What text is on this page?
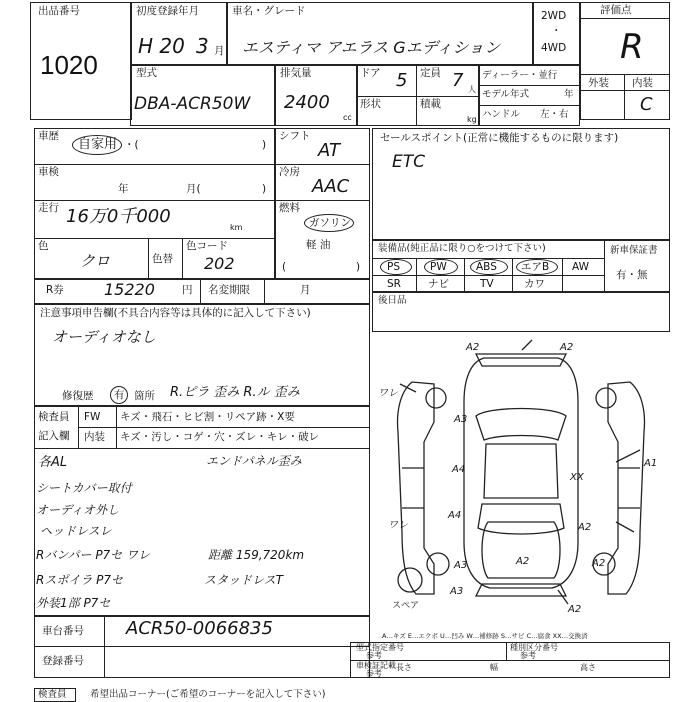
出品番号
1020
初度登録年月
H 20 3 月
車名・グレード
エスティマ アエラス Gエディション
2WD
・
4WD
評価点
R
外装 内装
C
型式
DBA-ACR50W
排気量
2400
cc
ドア 5 定員 7 人
形状	積載
kg
ディーラー・並行
モデル年式	年
ハンドル 左・右
車歴
自家用 ・(	)
車検
年	月(	)
走行 16万0千000
km
色
クロ	色替
色コード
202
シフト
AT
冷房
AAC
燃料
ガソリン
軽 油
(	)
R券	15220	円 名変期限	月
セールスポイント(正常に機能するものに限ります)
ETC
装備品(純正品に限り○をつけて下さい)
PS	PW	ABS エアB AW
SR	ナビ	TV	カワ
新車保証書
有・無
後日品
注意事項申告欄(不具合内容等は具体的に記入して下さい)
オーディオなし
修復歴 有 箇所 R.ピラ 歪み R.ル 歪み
検査員
記入欄
FW キズ・飛石・ヒビ割・リペア跡・X要
内装 キズ・汚し・コゲ・穴・ズレ・キレ・破レ
各AL	エンドパネル歪み
シートカバー取付
オーディオ外し
ヘッドレスレ
Rバンパー P7セ ワレ	距離 159,720km
スタッドレスT
Rスポイラ P7セ
外装1部 P7セ
A2	A2
ワレ
A3
XX
A1
A4
A4
A2
A2
ワレ
A3
A3
A2
A2
スペア
A…キズ E…エクボ U…凹み W…補修跡 S…サビ C…腐食 XX…交換済
車台番号 ACR50-0066835
登録番号
型式指定番号
参考
種別区分番号
参考
車検証記載
参考
長さ	幅	高さ
検査員 希望出品コーナー(ご希望のコーナーを記入して下さい)
